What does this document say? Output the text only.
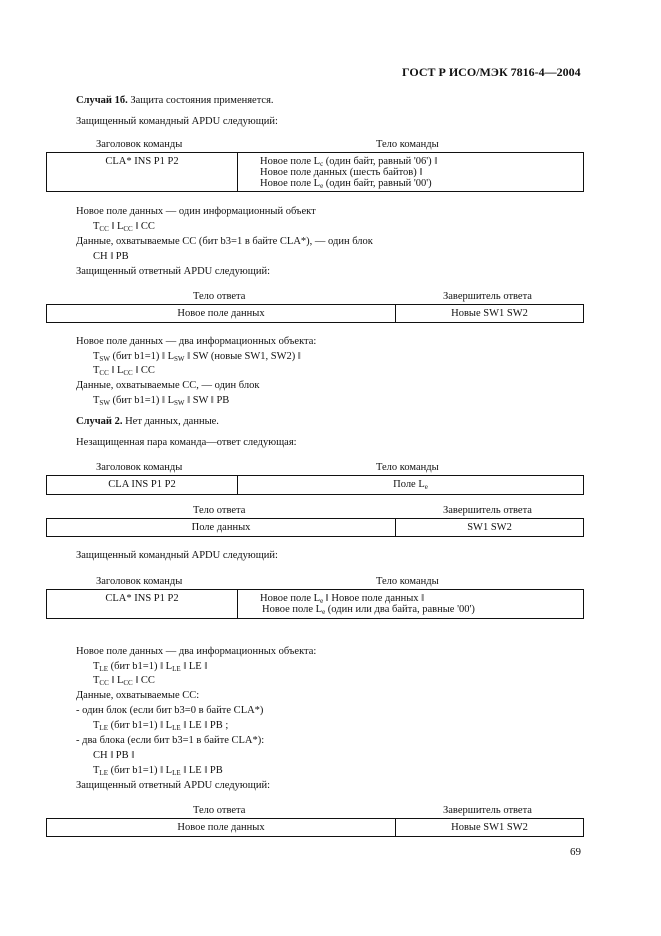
ГОСТ Р ИСО/МЭК 7816-4—2004
Случай 1б. Защита состояния применяется.
Защищенный командный APDU следующий:
Заголовок команды	Тело команды
CLA* INS P1 P2	Новое поле $L_c$ (один байт, равный '06') ‖
Новое поле данных (шесть байтов) ‖
Новое поле $L_e$ (один байт, равный '00')
Новое поле данных — один информационный объект
$T_{CC}$ ‖ $L_{CC}$ ‖ CC
Данные, охватываемые CC (бит b3=1 в байте CLA*), — один блок
CH ‖ PB
Защищенный ответный APDU следующий:
Тело ответа	Завершитель ответа
Новое поле данных	Новые SW1 SW2
Новое поле данных — два информационных объекта:
$T_{SW}$ (бит b1=1) ‖ $L_{SW}$ ‖ SW (новые SW1, SW2) ‖
$T_{CC}$ ‖ $L_{CC}$ ‖ CC
Данные, охватываемые CC, — один блок
$T_{SW}$ (бит b1=1) ‖ $L_{SW}$ ‖ SW ‖ PB
Случай 2. Нет данных, данные.
Незащищенная пара команда—ответ следующая:
Заголовок команды	Тело команды
CLA INS P1 P2	Поле $L_e$
Тело ответа	Завершитель ответа
Поле данных	SW1 SW2
Защищенный командный APDU следующий:
Заголовок команды	Тело команды
CLA* INS P1 P2	Новое поле $L_e$ ‖ Новое поле данных ‖
Новое поле $L_e$ (один или два байта, равные '00')
Новое поле данных — два информационных объекта:
$T_{LE}$ (бит b1=1) ‖ $L_{LE}$ ‖ LE ‖
$T_{CC}$ ‖ $L_{CC}$ ‖ CC
Данные, охватываемые CC:
- один блок (если бит b3=0 в байте CLA*)
$T_{LE}$ (бит b1=1) ‖ $L_{LE}$ ‖ LE ‖ PB ;
- два блока (если бит b3=1 в байте CLA*):
CH ‖ PB ‖
$T_{LE}$ (бит b1=1) ‖ $L_{LE}$ ‖ LE ‖ PB
Защищенный ответный APDU следующий:
Тело ответа	Завершитель ответа
Новое поле данных	Новые SW1 SW2
69
